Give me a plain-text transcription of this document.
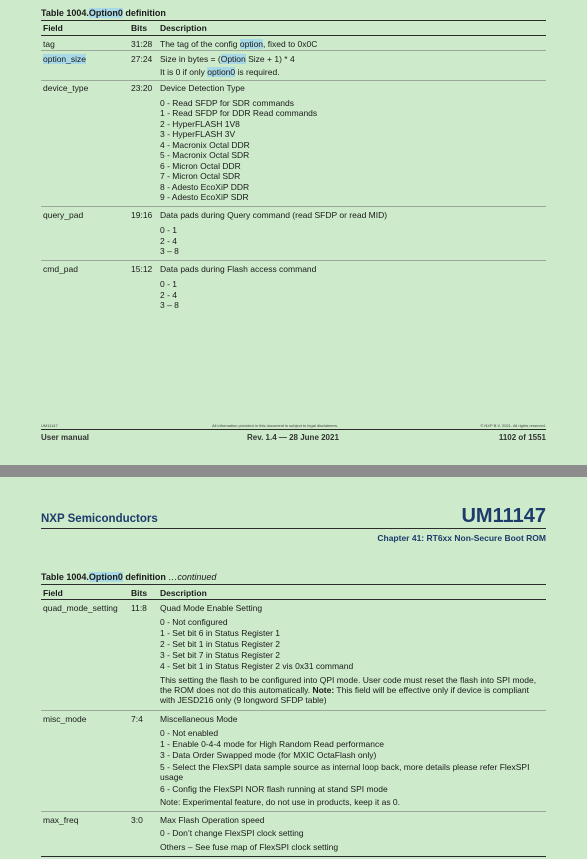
Table 1004.Option0 definition
Field	Bits Description
tag	31:28 The tag of the config option, fixed to 0x0C
option_size	27:24 Size in bytes = (Option Size + 1) * 4
It is 0 if only option0 is required.
device_type	23:20 Device Detection Type
0 - Read SFDP for SDR commands
1 - Read SFDP for DDR Read commands
2 - HyperFLASH 1V8
3 - HyperFLASH 3V
4 - Macronix Octal DDR
5 - Macronix Octal SDR
6 - Micron Octal DDR
7 - Micron Octal SDR
8 - Adesto EcoXiP DDR
9 - Adesto EcoXiP SDR
query_pad	19:16 Data pads during Query command (read SFDP or read MID)
0 - 1
2 - 4
3 – 8
cmd_pad	15:12 Data pads during Flash access command
0 - 1
2 - 4
3 – 8
UM11147	All information provided in this document is subject to legal disclaimers.	© NXP B.V. 2021. All rights reserved.
User manual	Rev. 1.4 — 28 June 2021	1102 of 1551
NXP Semiconductors	UM11147
Chapter 41: RT6xx Non-Secure Boot ROM
Table 1004.Option0 definition …continued
Field	Bits Description
quad_mode_setting 11:8 Quad Mode Enable Setting
0 - Not configured
1 - Set bit 6 in Status Register 1
2 - Set bit 1 in Status Register 2
3 - Set bit 7 in Status Register 2
4 - Set bit 1 in Status Register 2 vis 0x31 command
This setting the flash to be configured into QPI mode. User code must reset the flash into SPI mode, the ROM does not do this automatically. Note: This field will be effective only if device is compliant with JESD216 only (9 longword SFDP table)
misc_mode	7:4 Miscellaneous Mode
0 - Not enabled
1 - Enable 0-4-4 mode for High Random Read performance
3 - Data Order Swapped mode (for MXIC OctaFlash only)
5 - Select the FlexSPI data sample source as internal loop back, more details please refer FlexSPI usage
6 - Config the FlexSPI NOR flash running at stand SPI mode
Note: Experimental feature, do not use in products, keep it as 0.
max_freq	3:0 Max Flash Operation speed
0 - Don’t change FlexSPI clock setting
Others – See fuse map of FlexSPI clock setting
